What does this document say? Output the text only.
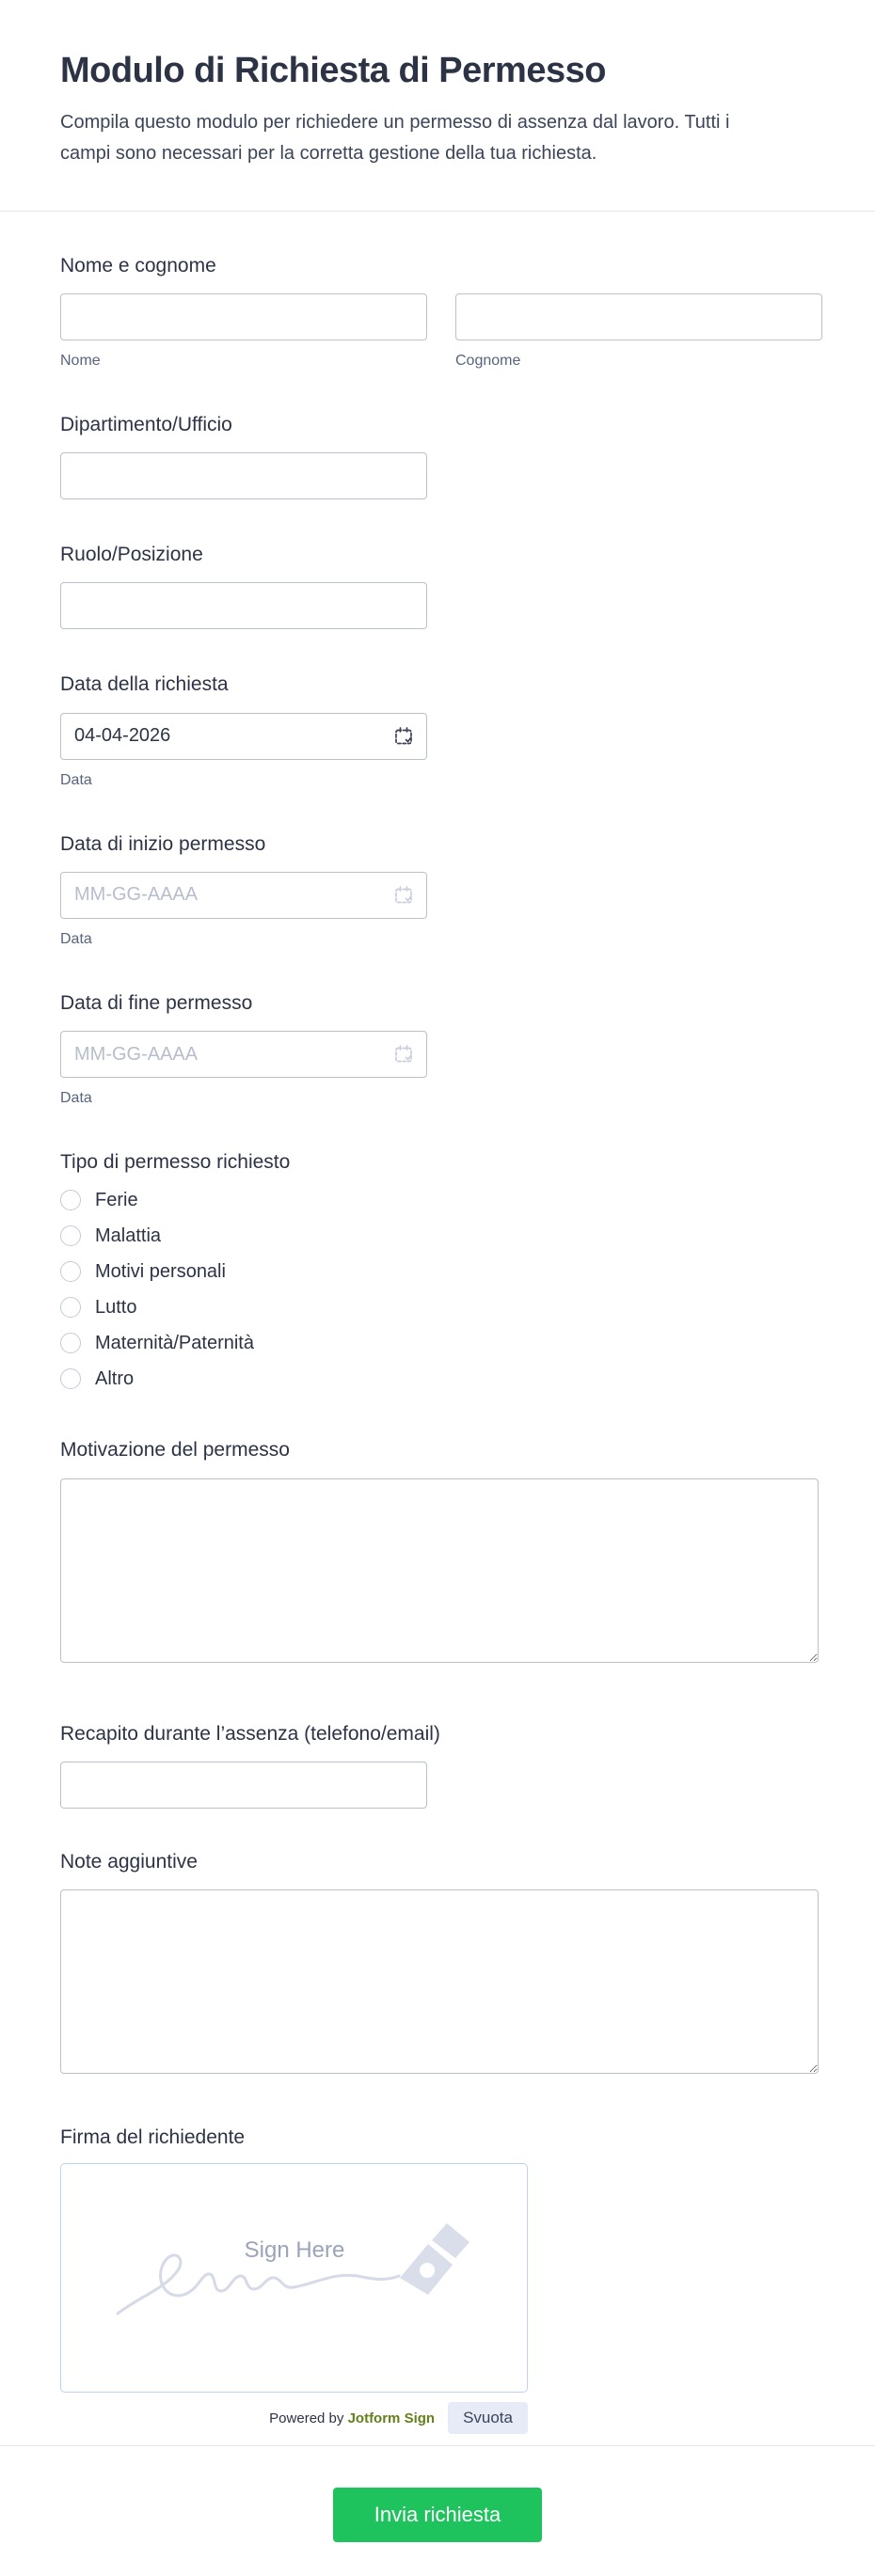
Modulo di Richiesta di Permesso

Compila questo modulo per richiedere un permesso di assenza dal lavoro. Tutti i campi sono necessari per la corretta gestione della tua richiesta.

Nome e cognome
Nome	Cognome
Dipartimento/Ufficio
Ruolo/Posizione
Data della richiesta
04-04-2026
Data
Data di inizio permesso
MM-GG-AAAA
Data
Data di fine permesso
MM-GG-AAAA
Data
Tipo di permesso richiesto
Ferie
Malattia
Motivi personali
Lutto
Maternità/Paternità
Altro
Motivazione del permesso
Recapito durante l’assenza (telefono/email)
Note aggiuntive
Firma del richiedente
Sign Here
Powered by Jotform Sign	Svuota
Invia richiesta
